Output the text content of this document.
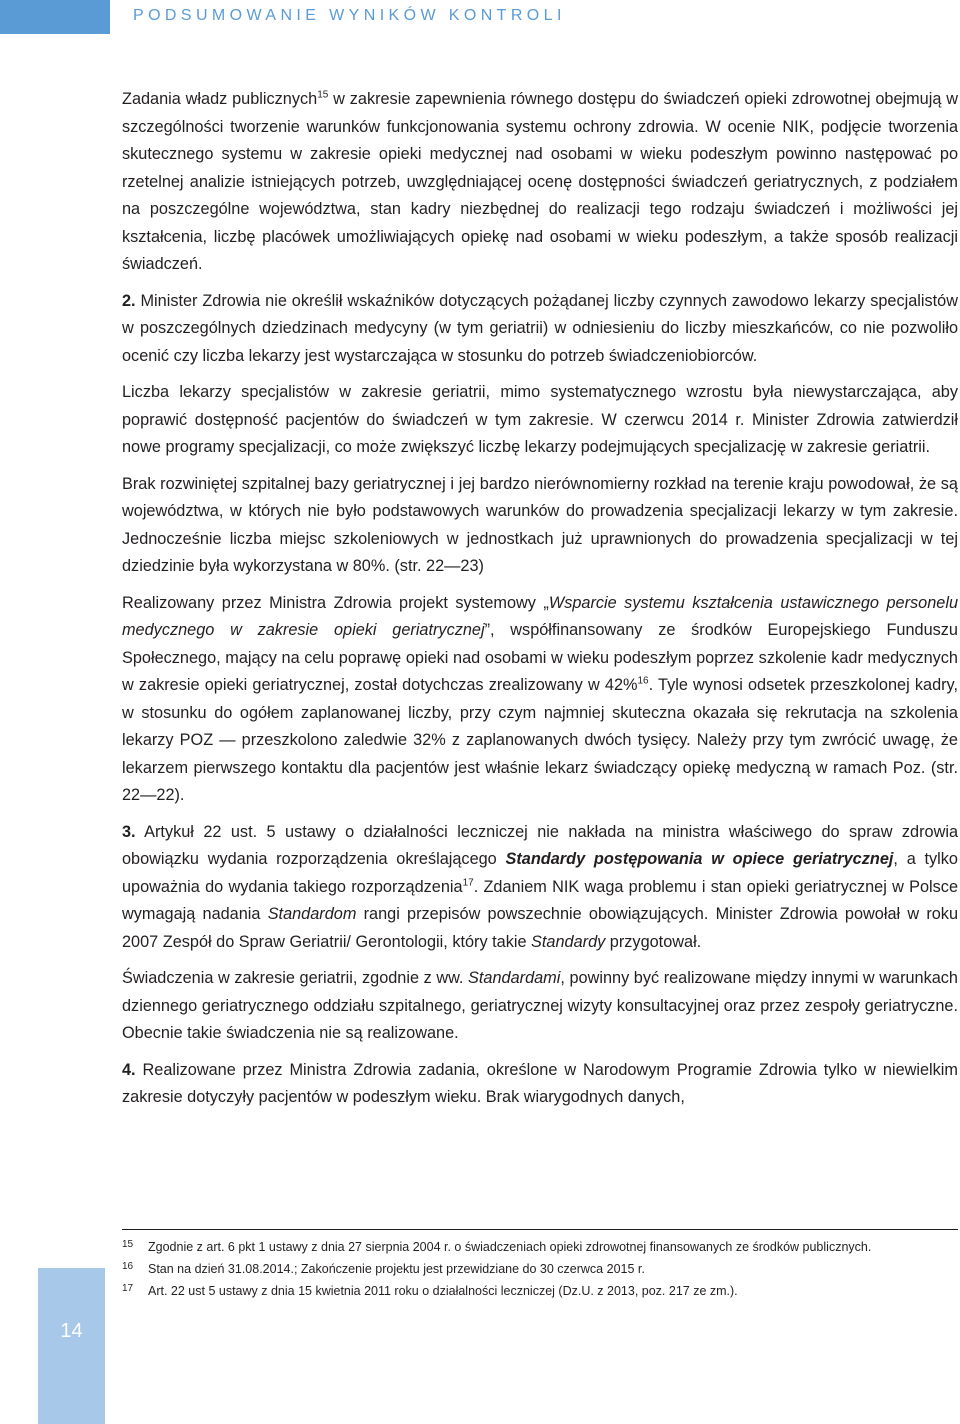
PODSUMOWANIE WYNIKÓW KONTROLI

Zadania władz publicznych$^{15}$ w zakresie zapewnienia równego dostępu do świadczeń opieki zdrowotnej obejmują w szczególności tworzenie warunków funkcjonowania systemu ochrony zdrowia. W ocenie NIK, podjęcie tworzenia skutecznego systemu w zakresie opieki medycznej nad osobami w wieku podeszłym powinno następować po rzetelnej analizie istniejących potrzeb, uwzględniającej ocenę dostępności świadczeń geriatrycznych, z podziałem na poszczególne województwa, stan kadry niezbędnej do realizacji tego rodzaju świadczeń i możliwości jej kształcenia, liczbę placówek umożliwiających opiekę nad osobami w wieku podeszłym, a także sposób realizacji świadczeń.

2. Minister Zdrowia nie określił wskaźników dotyczących pożądanej liczby czynnych zawodowo lekarzy specjalistów w poszczególnych dziedzinach medycyny (w tym geriatrii) w odniesieniu do liczby mieszkańców, co nie pozwoliło ocenić czy liczba lekarzy jest wystarczająca w stosunku do potrzeb świadczeniobiorców.

Liczba lekarzy specjalistów w zakresie geriatrii, mimo systematycznego wzrostu była niewystarczająca, aby poprawić dostępność pacjentów do świadczeń w tym zakresie. W czerwcu 2014 r. Minister Zdrowia zatwierdził nowe programy specjalizacji, co może zwiększyć liczbę lekarzy podejmujących specjalizację w zakresie geriatrii.

Brak rozwiniętej szpitalnej bazy geriatrycznej i jej bardzo nierównomierny rozkład na terenie kraju powodował, że są województwa, w których nie było podstawowych warunków do prowadzenia specjalizacji lekarzy w tym zakresie. Jednocześnie liczba miejsc szkoleniowych w jednostkach już uprawnionych do prowadzenia specjalizacji w tej dziedzinie była wykorzystana w 80%. (str. 22—23)

Realizowany przez Ministra Zdrowia projekt systemowy „Wsparcie systemu kształcenia ustawicznego personelu medycznego w zakresie opieki geriatrycznej”, współfinansowany ze środków Europejskiego Funduszu Społecznego, mający na celu poprawę opieki nad osobami w wieku podeszłym poprzez szkolenie kadr medycznych w zakresie opieki geriatrycznej, został dotychczas zrealizowany w 42%$^{16}$. Tyle wynosi odsetek przeszkolonej kadry, w stosunku do ogółem zaplanowanej liczby, przy czym najmniej skuteczna okazała się rekrutacja na szkolenia lekarzy POZ — przeszkolono zaledwie 32% z zaplanowanych dwóch tysięcy. Należy przy tym zwrócić uwagę, że lekarzem pierwszego kontaktu dla pacjentów jest właśnie lekarz świadczący opiekę medyczną w ramach Poz. (str. 22—22).

3. Artykuł 22 ust. 5 ustawy o działalności leczniczej nie nakłada na ministra właściwego do spraw zdrowia obowiązku wydania rozporządzenia określającego Standardy postępowania w opiece geriatrycznej, a tylko upoważnia do wydania takiego rozporządzenia$^{17}$. Zdaniem NIK waga problemu i stan opieki geriatrycznej w Polsce wymagają nadania Standardom rangi przepisów powszechnie obowiązujących. Minister Zdrowia powołał w roku 2007 Zespół do Spraw Geriatrii/ Gerontologii, który takie Standardy przygotował.

Świadczenia w zakresie geriatrii, zgodnie z ww. Standardami, powinny być realizowane między innymi w warunkach dziennego geriatrycznego oddziału szpitalnego, geriatrycznej wizyty konsultacyjnej oraz przez zespoły geriatryczne. Obecnie takie świadczenia nie są realizowane.

4. Realizowane przez Ministra Zdrowia zadania, określone w Narodowym Programie Zdrowia tylko w niewielkim zakresie dotyczyły pacjentów w podeszłym wieku. Brak wiarygodnych danych,

15	Zgodnie z art. 6 pkt 1 ustawy z dnia 27 sierpnia 2004 r. o świadczeniach opieki zdrowotnej finansowanych ze środków publicznych.
16	Stan na dzień 31.08.2014.; Zakończenie projektu jest przewidziane do 30 czerwca 2015 r.
17	Art. 22 ust 5 ustawy z dnia 15 kwietnia 2011 roku o działalności leczniczej (Dz.U. z 2013, poz. 217 ze zm.).
14
